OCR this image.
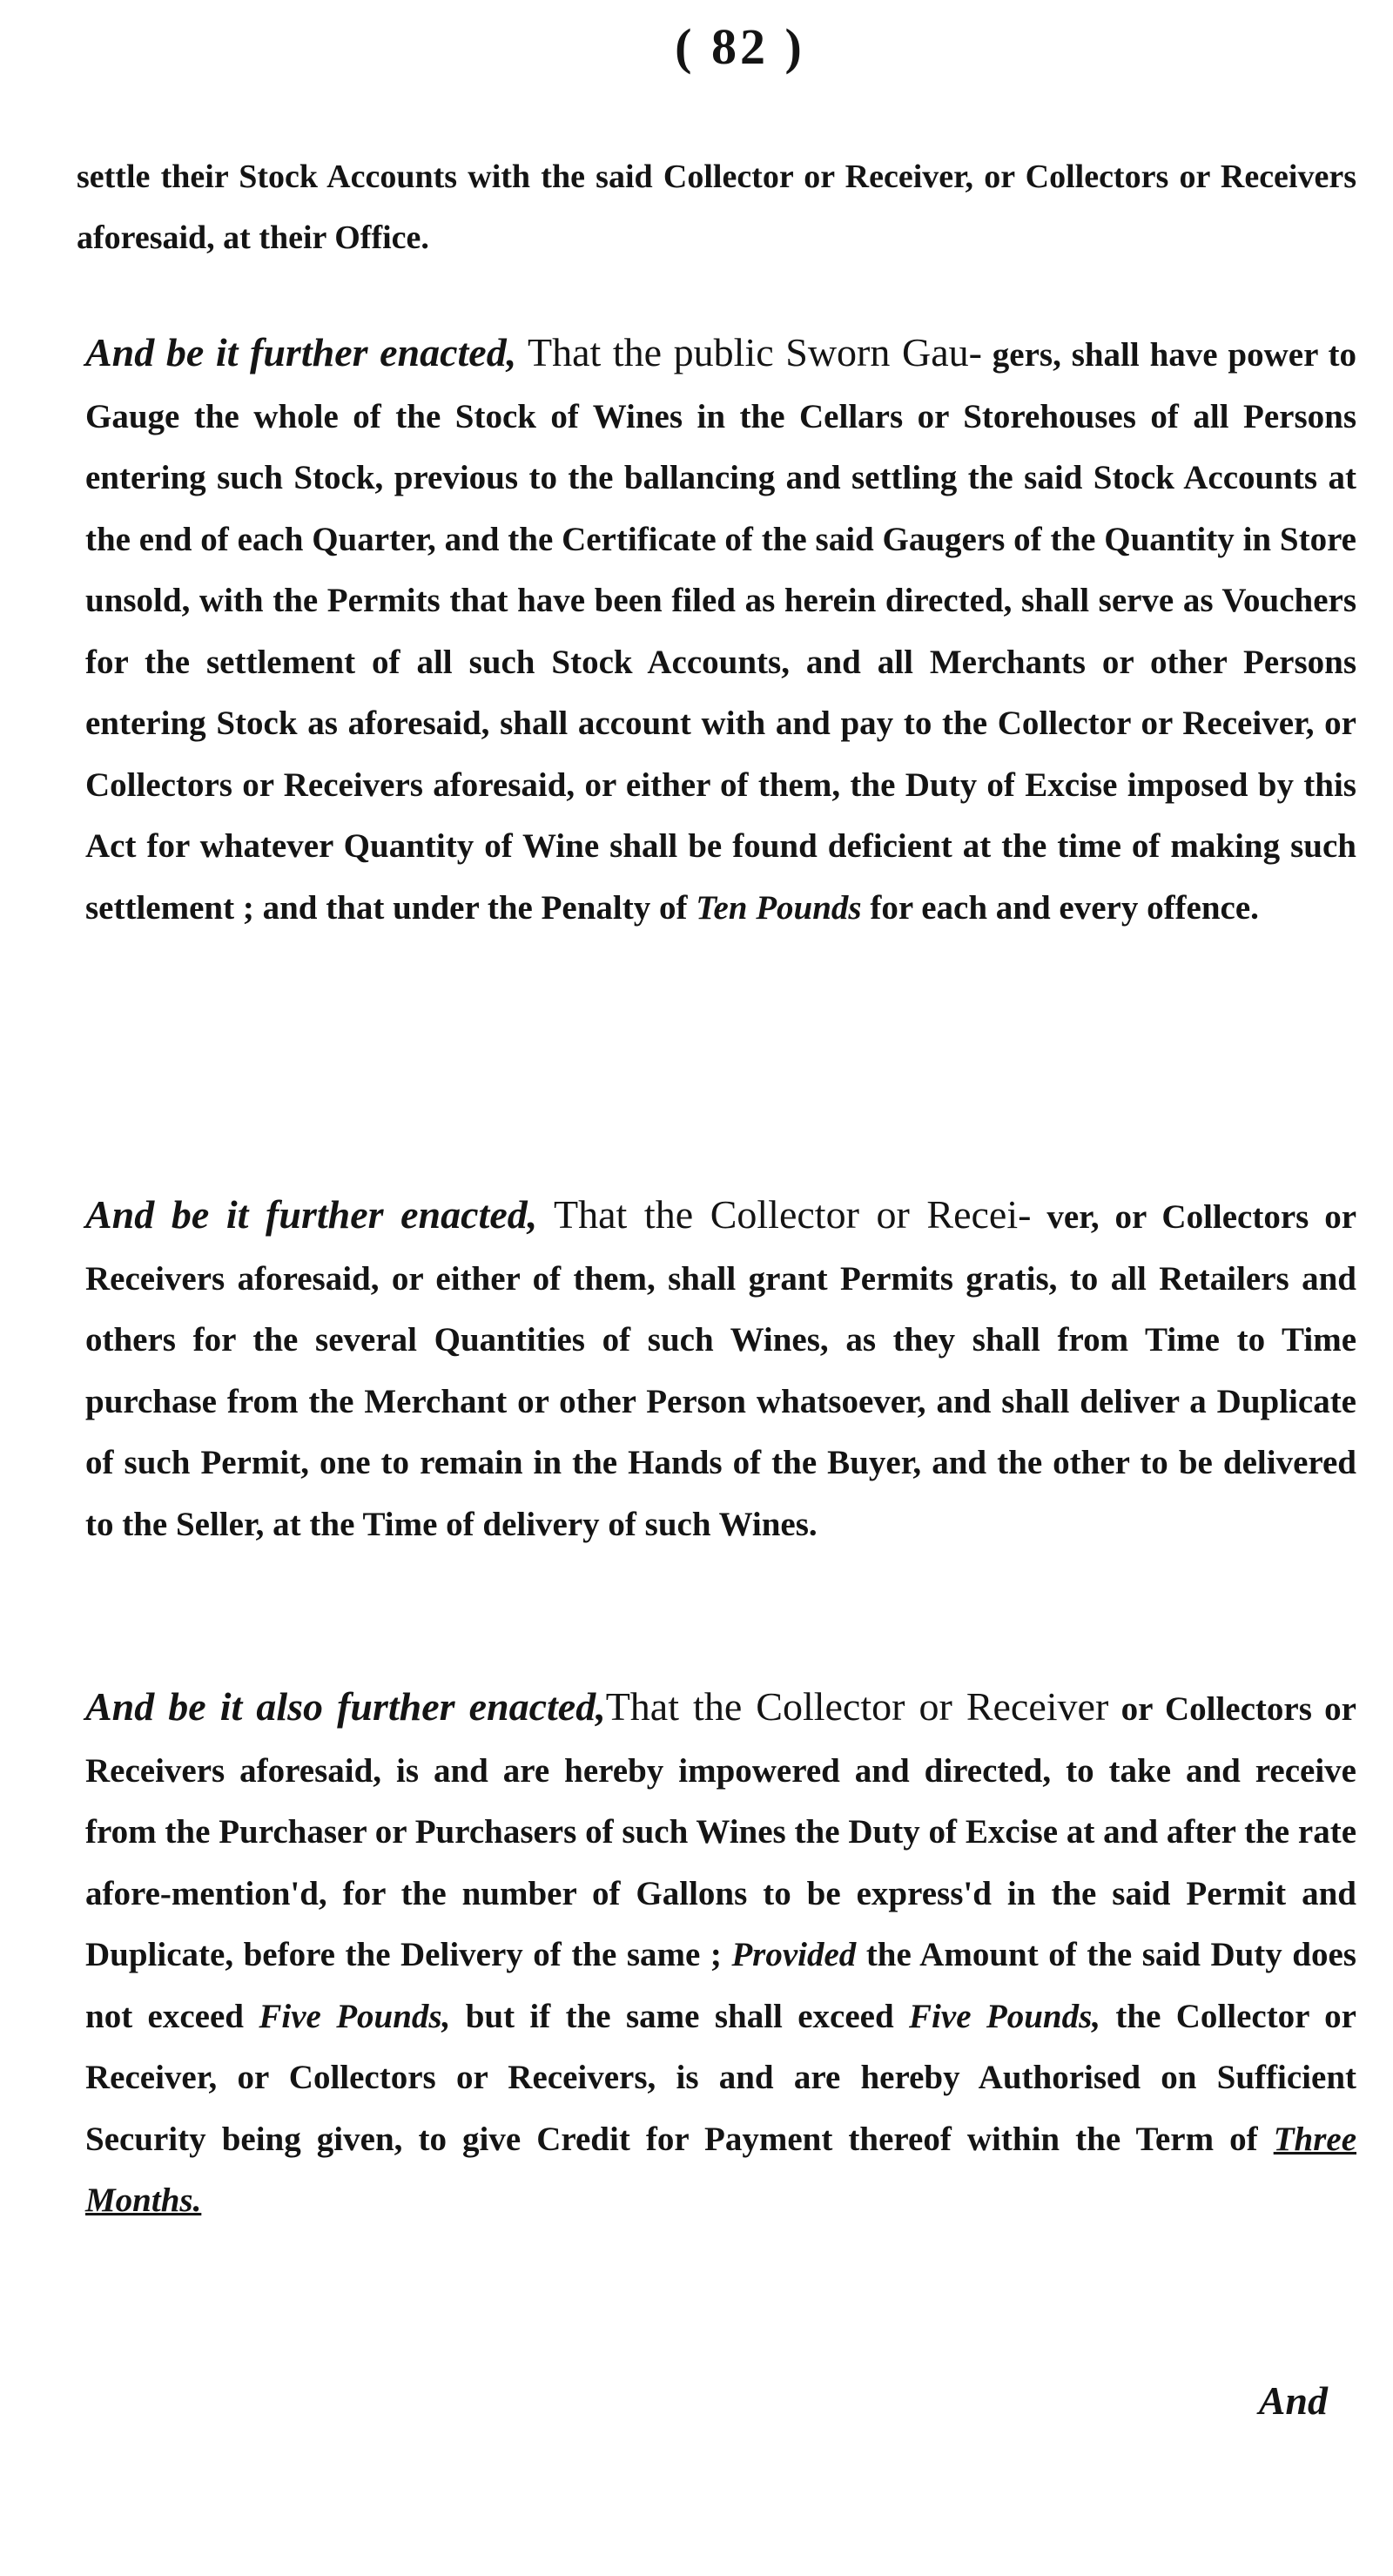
( 82 )
settle their Stock Accounts with the said Collector or Receiver, or Collectors or Receivers aforesaid, at their Office.
And be it further enacted, That the public Sworn Gau- gers, shall have power to Gauge the whole of the Stock of Wines in the Cellars or Storehouses of all Persons entering such Stock, previous to the ballancing and settling the said Stock Accounts at the end of each Quarter, and the Certificate of the said Gaugers of the Quantity in Store unsold, with the Permits that have been filed as herein directed, shall serve as Vouchers for the settlement of all such Stock Accounts, and all Merchants or other Persons entering Stock as aforesaid, shall account with and pay to the Collector or Receiver, or Collectors or Receivers aforesaid, or either of them, the Duty of Excise imposed by this Act for whatever Quantity of Wine shall be found deficient at the time of making such settlement ; and that under the Penalty of Ten Pounds for each and every offence.
And be it further enacted, That the Collector or Recei- ver, or Collectors or Receivers aforesaid, or either of them, shall grant Permits gratis, to all Retailers and others for the several Quantities of such Wines, as they shall from Time to Time purchase from the Merchant or other Person whatsoever, and shall deliver a Duplicate of such Permit, one to remain in the Hands of the Buyer, and the other to be delivered to the Seller, at the Time of delivery of such Wines.
And be it also further enacted,That the Collector or Receiver or Collectors or Receivers aforesaid, is and are hereby impowered and directed, to take and receive from the Purchaser or Purchasers of such Wines the Duty of Excise at and after the rate afore-mention'd, for the number of Gallons to be express'd in the said Permit and Duplicate, before the Delivery of the same ; Provided the Amount of the said Duty does not exceed Five Pounds, but if the same shall exceed Five Pounds, the Collector or Receiver, or Collectors or Receivers, is and are hereby Authorised on Sufficient Security being given, to give Credit for Payment thereof within the Term of Three Months.
And
